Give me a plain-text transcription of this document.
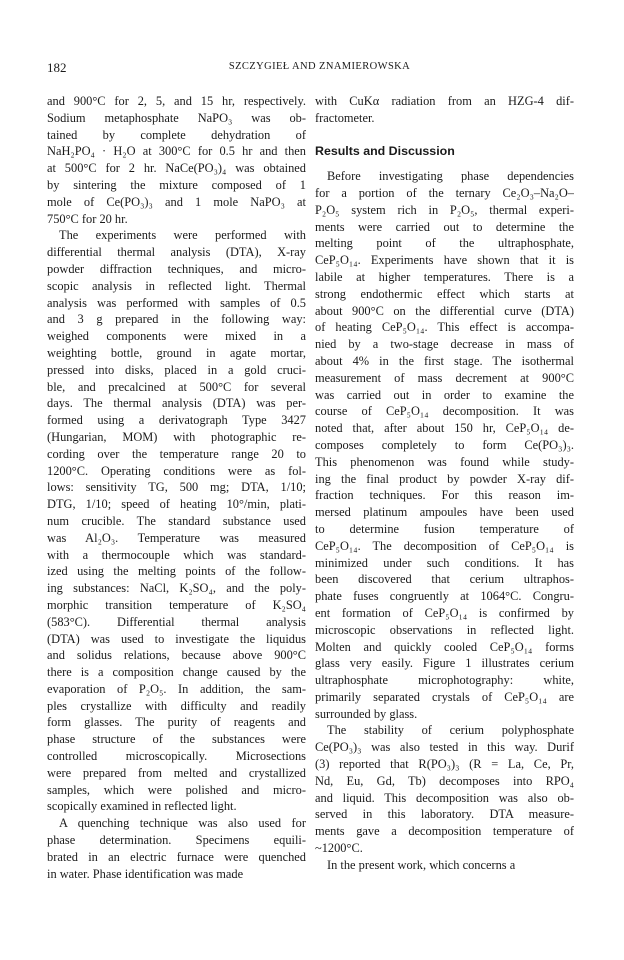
182	SZCZYGIEŁ AND ZNAMIEROWSKA
and 900°C for 2, 5, and 15 hr, respectively.
Sodium metaphosphate NaPO₃ was ob-
tained by complete dehydration of
NaH₂PO₄ · H₂O at 300°C for 0.5 hr and then
at 500°C for 2 hr. NaCe(PO₃)₄ was obtained
by sintering the mixture composed of 1
mole of Ce(PO₃)₃ and 1 mole NaPO₃ at
750°C for 20 hr.
The experiments were performed with
differential thermal analysis (DTA), X-ray
powder diffraction techniques, and micro-
scopic analysis in reflected light. Thermal
analysis was performed with samples of 0.5
and 3 g prepared in the following way:
weighed components were mixed in a
weighting bottle, ground in agate mortar,
pressed into disks, placed in a gold cruci-
ble, and precalcined at 500°C for several
days. The thermal analysis (DTA) was per-
formed using a derivatograph Type 3427
(Hungarian, MOM) with photographic re-
cording over the temperature range 20 to
1200°C. Operating conditions were as fol-
lows: sensitivity TG, 500 mg; DTA, 1/10;
DTG, 1/10; speed of heating 10°/min, plati-
num crucible. The standard substance used
was Al₂O₃. Temperature was measured
with a thermocouple which was standard-
ized using the melting points of the follow-
ing substances: NaCl, K₂SO₄, and the poly-
morphic transition temperature of K₂SO₄
(583°C). Differential thermal analysis
(DTA) was used to investigate the liquidus
and solidus relations, because above 900°C
there is a composition change caused by the
evaporation of P₂O₅. In addition, the sam-
ples crystallize with difficulty and readily
form glasses. The purity of reagents and
phase structure of the substances were
controlled microscopically. Microsections
were prepared from melted and crystallized
samples, which were polished and micro-
scopically examined in reflected light.
A quenching technique was also used for
phase determination. Specimens equili-
brated in an electric furnace were quenched
in water. Phase identification was made
with CuKα radiation from an HZG-4 dif-
fractometer.
Results and Discussion
Before investigating phase dependencies
for a portion of the ternary Ce₂O₃–Na₂O–
P₂O₅ system rich in P₂O₅, thermal experi-
ments were carried out to determine the
melting point of the ultraphosphate,
CeP₅O₁₄. Experiments have shown that it is
labile at higher temperatures. There is a
strong endothermic effect which starts at
about 900°C on the differential curve (DTA)
of heating CeP₅O₁₄. This effect is accompa-
nied by a two-stage decrease in mass of
about 4% in the first stage. The isothermal
measurement of mass decrement at 900°C
was carried out in order to examine the
course of CeP₅O₁₄ decomposition. It was
noted that, after about 150 hr, CeP₅O₁₄ de-
composes completely to form Ce(PO₃)₃.
This phenomenon was found while study-
ing the final product by powder X-ray dif-
fraction techniques. For this reason im-
mersed platinum ampoules have been used
to determine fusion temperature of
CeP₅O₁₄. The decomposition of CeP₅O₁₄ is
minimized under such conditions. It has
been discovered that cerium ultraphos-
phate fuses congruently at 1064°C. Congru-
ent formation of CeP₅O₁₄ is confirmed by
microscopic observations in reflected light.
Molten and quickly cooled CeP₅O₁₄ forms
glass very easily. Figure 1 illustrates cerium
ultraphosphate microphotography: white,
primarily separated crystals of CeP₅O₁₄ are
surrounded by glass.
The stability of cerium polyphosphate
Ce(PO₃)₃ was also tested in this way. Durif
(3) reported that R(PO₃)₃ (R = La, Ce, Pr,
Nd, Eu, Gd, Tb) decomposes into RPO₄
and liquid. This decomposition was also ob-
served in this laboratory. DTA measure-
ments gave a decomposition temperature of
~1200°C.
In the present work, which concerns a
